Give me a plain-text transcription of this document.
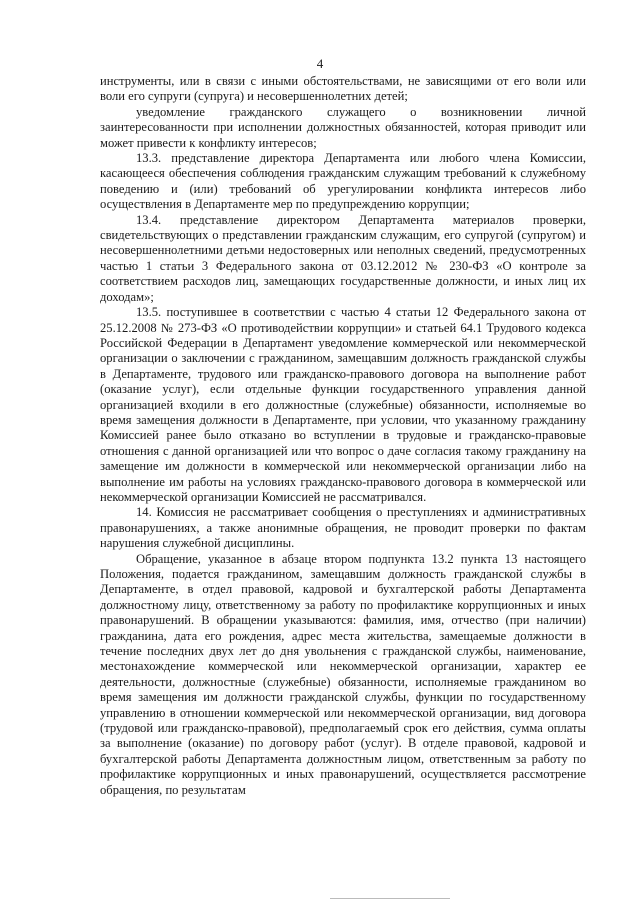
4

инструменты, или в связи с иными обстоятельствами, не зависящими от его воли или воли его супруги (супруга) и несовершеннолетних детей;

уведомление гражданского служащего о возникновении личной заинтересованности при исполнении должностных обязанностей, которая приводит или может привести к конфликту интересов;

13.3. представление директора Департамента или любого члена Комиссии, касающееся обеспечения соблюдения гражданским служащим требований к служебному поведению и (или) требований об урегулировании конфликта интересов либо осуществления в Департаменте мер по предупреждению коррупции;

13.4. представление директором Департамента материалов проверки, свидетельствующих о представлении гражданским служащим, его супругой (супругом) и несовершеннолетними детьми недостоверных или неполных сведений, предусмотренных частью 1 статьи 3 Федерального закона от 03.12.2012 № 230-ФЗ «О контроле за соответствием расходов лиц, замещающих государственные должности, и иных лиц их доходам»;

13.5. поступившее в соответствии с частью 4 статьи 12 Федерального закона от 25.12.2008 № 273-ФЗ «О противодействии коррупции» и статьей 64.1 Трудового кодекса Российской Федерации в Департамент уведомление коммерческой или некоммерческой организации о заключении с гражданином, замещавшим должность гражданской службы в Департаменте, трудового или гражданско-правового договора на выполнение работ (оказание услуг), если отдельные функции государственного управления данной организацией входили в его должностные (служебные) обязанности, исполняемые во время замещения должности в Департаменте, при условии, что указанному гражданину Комиссией ранее было отказано во вступлении в трудовые и гражданско-правовые отношения с данной организацией или что вопрос о даче согласия такому гражданину на замещение им должности в коммерческой или некоммерческой организации либо на выполнение им работы на условиях гражданско-правового договора в коммерческой или некоммерческой организации Комиссией не рассматривался.

14. Комиссия не рассматривает сообщения о преступлениях и административных правонарушениях, а также анонимные обращения, не проводит проверки по фактам нарушения служебной дисциплины.

Обращение, указанное в абзаце втором подпункта 13.2 пункта 13 настоящего Положения, подается гражданином, замещавшим должность гражданской службы в Департаменте, в отдел правовой, кадровой и бухгалтерской работы Департамента должностному лицу, ответственному за работу по профилактике коррупционных и иных правонарушений. В обращении указываются: фамилия, имя, отчество (при наличии) гражданина, дата его рождения, адрес места жительства, замещаемые должности в течение последних двух лет до дня увольнения с гражданской службы, наименование, местонахождение коммерческой или некоммерческой организации, характер ее деятельности, должностные (служебные) обязанности, исполняемые гражданином во время замещения им должности гражданской службы, функции по государственному управлению в отношении коммерческой или некоммерческой организации, вид договора (трудовой или гражданско-правовой), предполагаемый срок его действия, сумма оплаты за выполнение (оказание) по договору работ (услуг). В отделе правовой, кадровой и бухгалтерской работы Департамента должностным лицом, ответственным за работу по профилактике коррупционных и иных правонарушений, осуществляется рассмотрение обращения, по результатам
